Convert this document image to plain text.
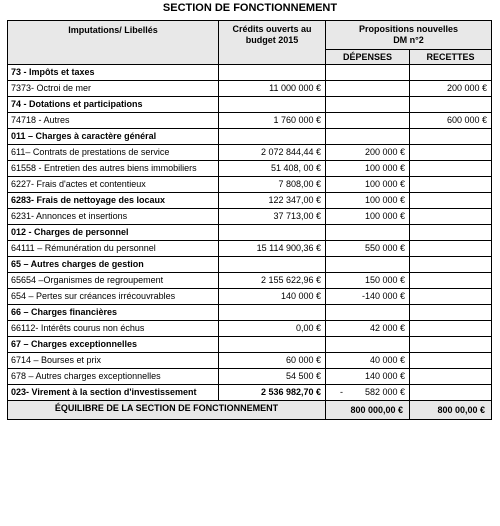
SECTION DE FONCTIONNEMENT
Imputations/ Libellés	Crédits ouverts au budget 2015	Propositions nouvelles DM n°2	
		DÉPENSES	RECETTES
73 - Impôts et taxes			
7373- Octroi de mer	11 000 000 €		200 000 €
74 - Dotations et participations			
74718 - Autres	1 760 000 €		600 000 €
011 – Charges à caractère général			
611– Contrats de prestations de service	2 072 844,44 €	200 000 €	
61558 - Entretien des autres biens immobiliers	51 408, 00 €	100 000 €	
6227- Frais d'actes et contentieux	7 808,00 €	100 000 €	
6283- Frais de nettoyage des locaux	122 347,00 €	100 000 €	
6231- Annonces et insertions	37 713,00 €	100 000 €	
012 - Charges de personnel			
64111 – Rémunération du personnel	15 114 900,36 €	550 000 €	
65 – Autres charges de gestion			
65654 –Organismes de regroupement	2 155 622,96 €	150 000 €	
654 – Pertes sur créances irrécouvrables	140 000 €	-140 000 €	
66 – Charges financières			
66112- Intérêts courus non échus	0,00 €	42 000 €	
67 – Charges exceptionnelles			
6714 – Bourses et prix	60 000 €	40 000 €	
678 – Autres charges exceptionnelles	54 500 €	140 000 €	
023- Virement à la section d'investissement	2 536 982,70 €	- 582 000 €	

ÉQUILIBRE DE LA SECTION DE FONCTIONNEMENT		800 000,00 €	800 00,00 €
